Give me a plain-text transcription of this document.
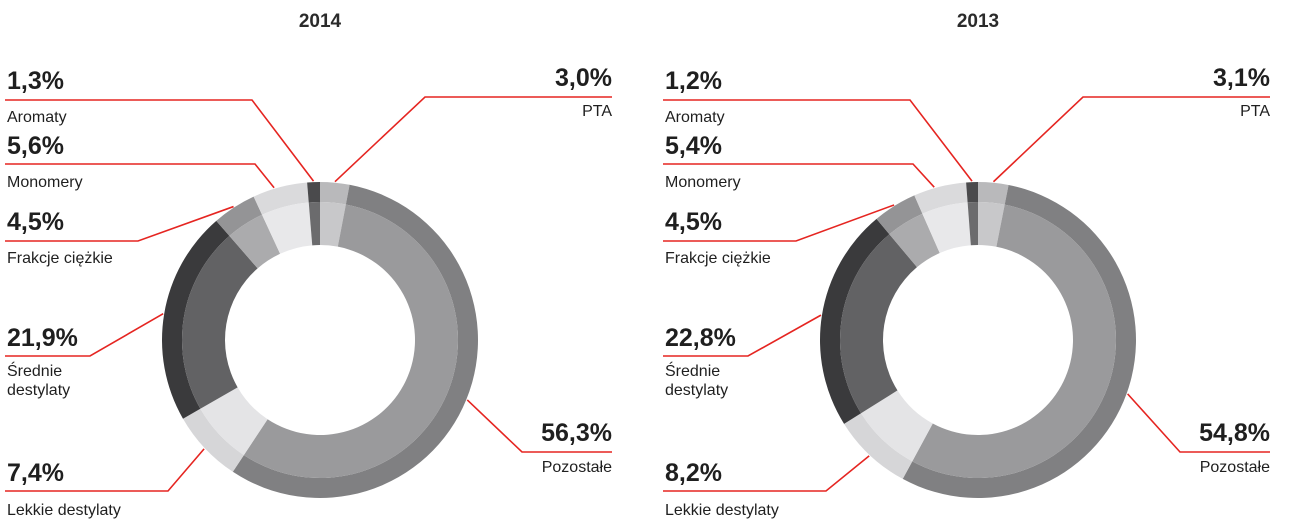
2014
3,0%
PTA
56,3%
Pozostałe
7,4%
Lekkie destylaty
21,9%
Średnie destylaty
4,5%
Frakcje ciężkie
5,6%
Monomery
1,3%
Aromaty
2013
3,1%
PTA
54,8%
Pozostałe
8,2%
Lekkie destylaty
22,8%
Średnie destylaty
4,5%
Frakcje ciężkie
5,4%
Monomery
1,2%
Aromaty
